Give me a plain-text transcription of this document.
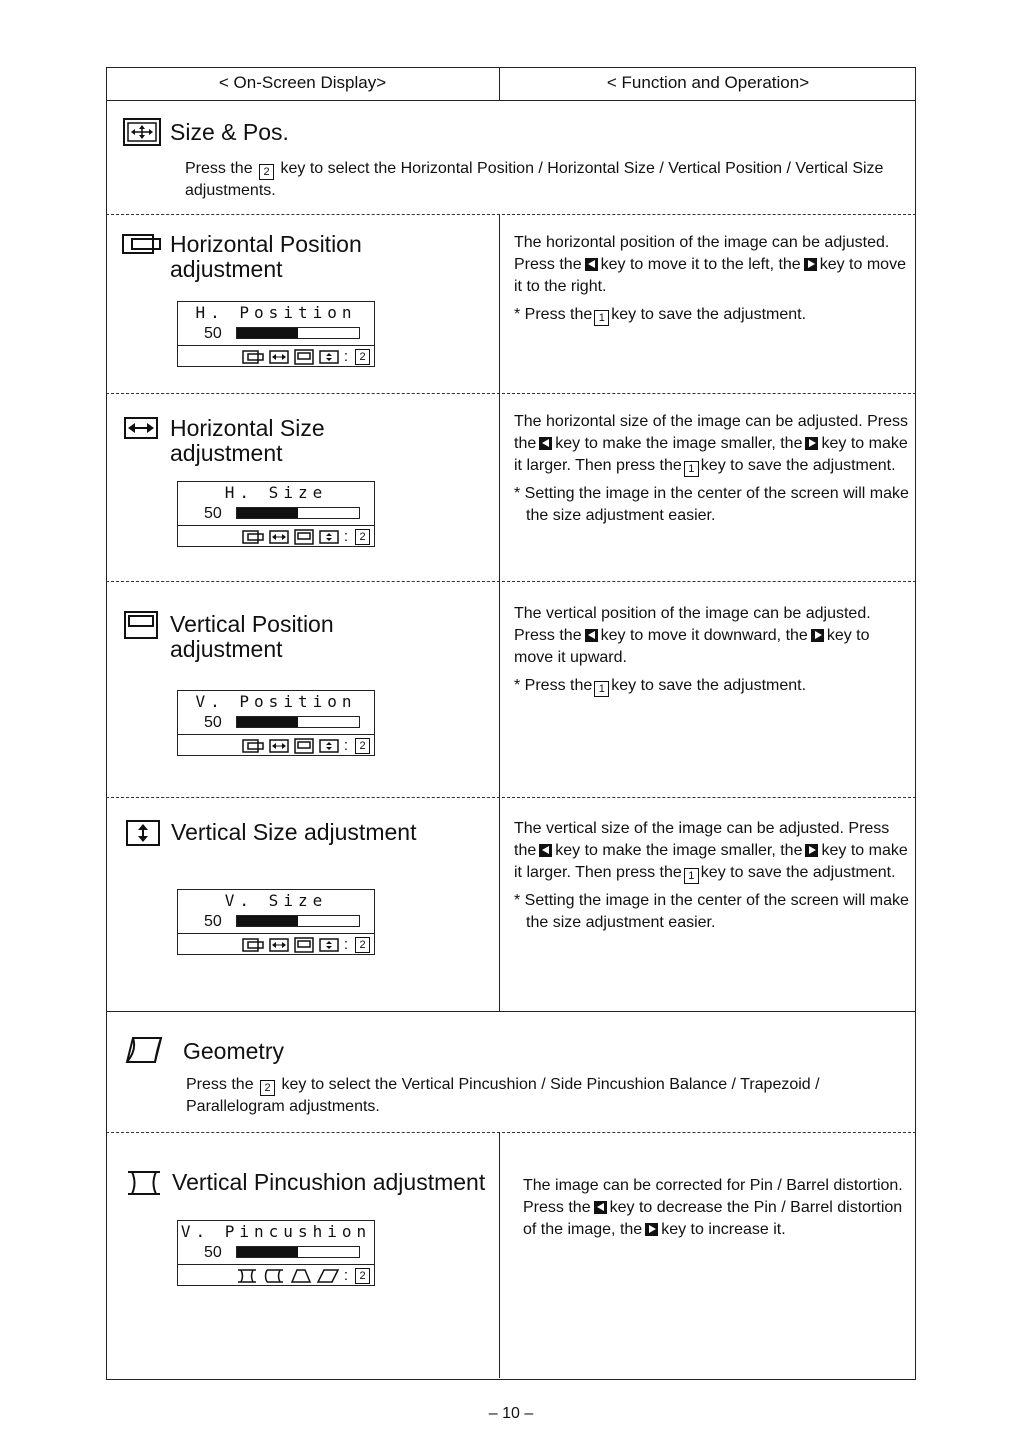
< On-Screen Display>	< Function and Operation>
Size & Pos.
Press the 2 key to select the Horizontal Position / Horizontal Size / Vertical Position / Vertical Size adjustments.
Horizontal Position
adjustment
H. Position
50
:	2

The horizontal position of the image can be adjusted. Press the key to move it to the left, the key to move it to the right.

* Press the 1 key to save the adjustment.

Horizontal Size
adjustment
H. Size
50
:	2

The horizontal size of the image can be adjusted. Press the key to make the image smaller, the key to make it larger. Then press the 1 key to save the adjustment.

* Setting the image in the center of the screen will make the size adjustment easier.

Vertical Position
adjustment
V. Position
50
:	2

The vertical position of the image can be adjusted. Press the key to move it downward, the key to move it upward.

* Press the 1 key to save the adjustment.

Vertical Size adjustment
V. Size
50
:	2

The vertical size of the image can be adjusted. Press the key to make the image smaller, the key to make it larger. Then press the 1 key to save the adjustment.

* Setting the image in the center of the screen will make the size adjustment easier.

Geometry
Press the 2 key to select the Vertical Pincushion / Side Pincushion Balance / Trapezoid / Parallelogram adjustments.
Vertical Pincushion adjustment
V. Pincushion
50
:	2

The image can be corrected for Pin / Barrel distortion. Press the key to decrease the Pin / Barrel distortion of the image, the key to increase it.

– 10 –
